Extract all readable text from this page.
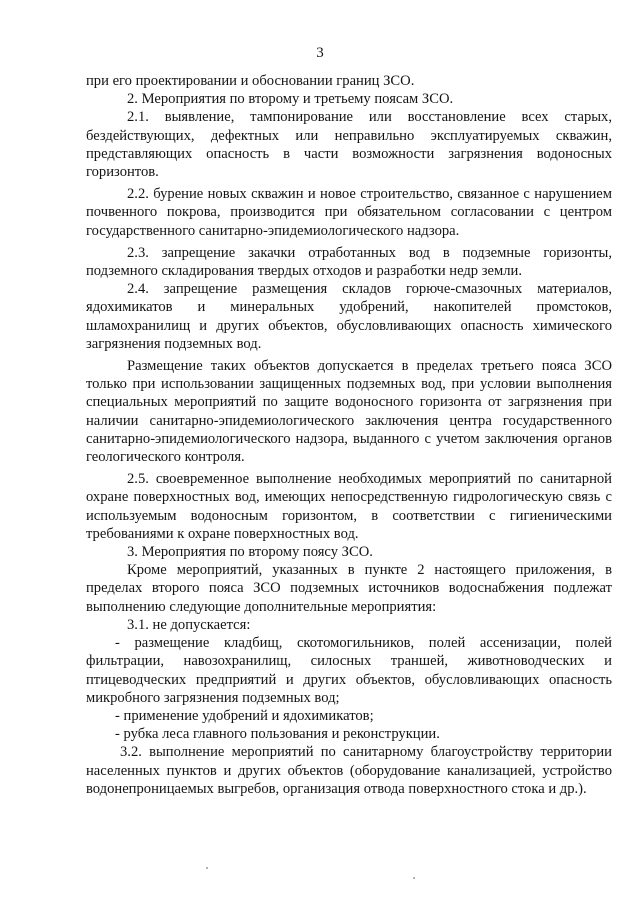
3

при его проектировании и обосновании границ ЗСО.

2. Мероприятия по второму и третьему поясам ЗСО.

2.1. выявление, тампонирование или восстановление всех старых, бездействующих, дефектных или неправильно эксплуатируемых скважин, представляющих опасность в части возможности загрязнения водоносных горизонтов.

2.2. бурение новых скважин и новое строительство, связанное с нарушением почвенного покрова, производится при обязательном согласовании с центром государственного санитарно-эпидемиологического надзора.

2.3. запрещение закачки отработанных вод в подземные горизонты, подземного складирования твердых отходов и разработки недр земли.

2.4. запрещение размещения складов горюче-смазочных материалов, ядохимикатов и минеральных удобрений, накопителей промстоков, шламохранилищ и других объектов, обусловливающих опасность химического загрязнения подземных вод.

Размещение таких объектов допускается в пределах третьего пояса ЗСО только при использовании защищенных подземных вод, при условии выполнения специальных мероприятий по защите водоносного горизонта от загрязнения при наличии санитарно-эпидемиологического заключения центра государственного санитарно-эпидемиологического надзора, выданного с учетом заключения органов геологического контроля.

2.5. своевременное выполнение необходимых мероприятий по санитарной охране поверхностных вод, имеющих непосредственную гидрологическую связь с используемым водоносным горизонтом, в соответствии с гигиеническими требованиями к охране поверхностных вод.

3. Мероприятия по второму поясу ЗСО.

Кроме мероприятий, указанных в пункте 2 настоящего приложения, в пределах второго пояса ЗСО подземных источников водоснабжения подлежат выполнению следующие дополнительные мероприятия:

3.1. не допускается:

- размещение кладбищ, скотомогильников, полей ассенизации, полей фильтрации, навозохранилищ, силосных траншей, животноводческих и птицеводческих предприятий и других объектов, обусловливающих опасность микробного загрязнения подземных вод;

- применение удобрений и ядохимикатов;

- рубка леса главного пользования и реконструкции.

3.2. выполнение мероприятий по санитарному благоустройству территории населенных пунктов и других объектов (оборудование канализацией, устройство водонепроницаемых выгребов, организация отвода поверхностного стока и др.).
